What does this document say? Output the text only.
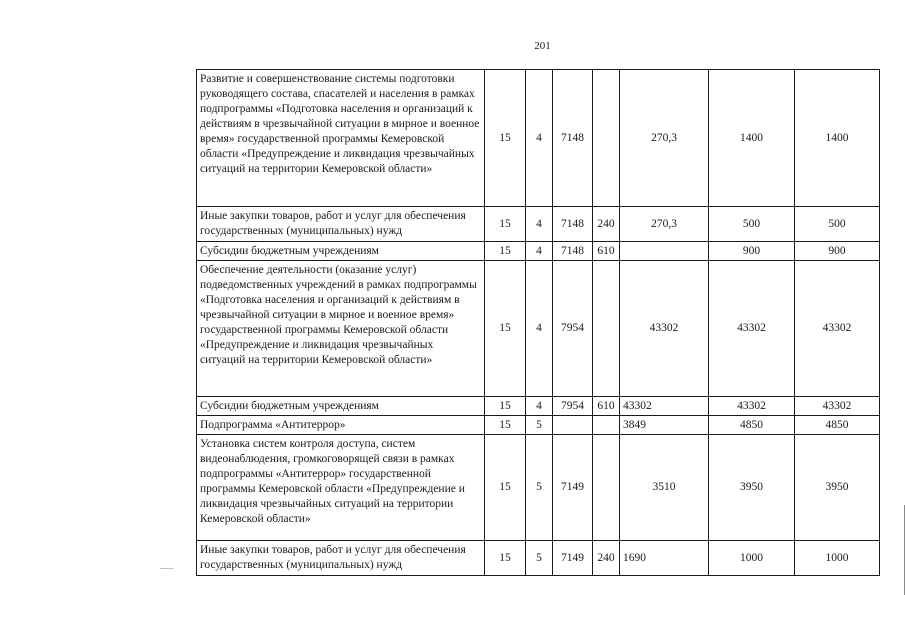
201
Развитие и совершенствование системы подготовки руководящего состава, спасателей и населения в рамках подпрограммы «Подготовка населения и организаций к действиям в чрезвычайной ситуации в мирное и военное время» государственной программы Кемеровской области «Предупреждение и ликвидация чрезвычайных ситуаций на территории Кемеровской области»	15	4	7148		270,3	1400	1400
Иные закупки товаров, работ и услуг для обеспечения государственных (муниципальных) нужд	15	4	7148	240	270,3	500	500
Субсидии бюджетным учреждениям	15	4	7148	610		900	900
Обеспечение деятельности (оказание услуг) подведомственных учреждений в рамках подпрограммы «Подготовка населения и организаций к действиям в чрезвычайной ситуации в мирное и военное время» государственной программы Кемеровской области «Предупреждение и ликвидация чрезвычайных ситуаций на территории Кемеровской области»	15	4	7954		43302	43302	43302
Субсидии бюджетным учреждениям	15	4	7954	610	43302	43302	43302
Подпрограмма «Антитеррор»	15	5			3849	4850	4850
Установка систем контроля доступа, систем видеонаблюдения, громкоговорящей связи в рамках подпрограммы «Антитеррор» государственной программы Кемеровской области «Предупреждение и ликвидация чрезвычайных ситуаций на территории Кемеровской области»	15	5	7149		3510	3950	3950
Иные закупки товаров, работ и услуг для обеспечения государственных (муниципальных) нужд	15	5	7149	240	1690	1000	1000
